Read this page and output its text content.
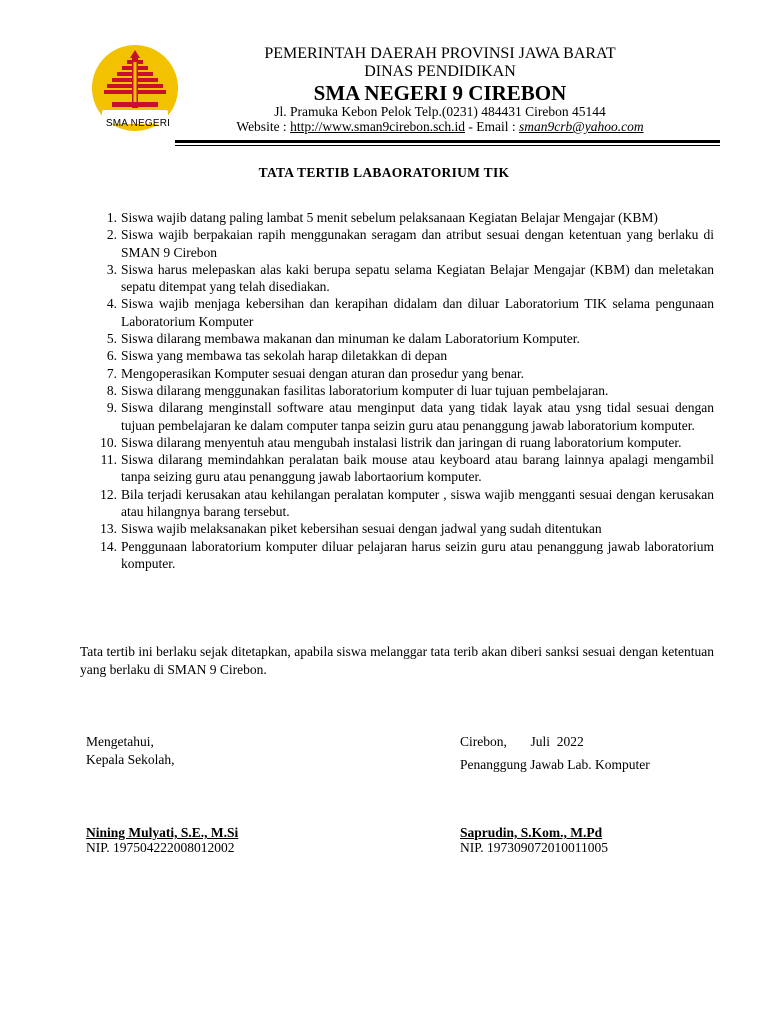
SMA NEGERI
PEMERINTAH DAERAH PROVINSI JAWA BARAT
DINAS PENDIDIKAN
SMA NEGERI 9 CIREBON
Jl. Pramuka Kebon Pelok Telp.(0231) 484431 Cirebon 45144
Website : http://www.sman9cirebon.sch.id - Email : sman9crb@yahoo.com
TATA TERTIB LABAORATORIUM TIK
1. Siswa wajib datang paling lambat 5 menit sebelum pelaksanaan Kegiatan Belajar Mengajar (KBM)
2. Siswa wajib berpakaian rapih menggunakan seragam dan atribut sesuai dengan ketentuan yang berlaku di SMAN 9 Cirebon
3. Siswa harus melepaskan alas kaki berupa sepatu selama Kegiatan Belajar Mengajar (KBM) dan meletakan sepatu ditempat yang telah disediakan.
4. Siswa wajib menjaga kebersihan dan kerapihan didalam dan diluar Laboratorium TIK selama pengunaan Laboratorium Komputer
5. Siswa dilarang membawa makanan dan minuman ke dalam Laboratorium Komputer.
6. Siswa yang membawa tas sekolah harap diletakkan di depan
7. Mengoperasikan Komputer sesuai dengan aturan dan prosedur yang benar.
8. Siswa dilarang menggunakan fasilitas laboratorium komputer di luar tujuan pembelajaran.
9. Siswa dilarang menginstall software atau menginput data yang tidak layak atau ysng tidal sesuai dengan tujuan pembelajaran ke dalam computer tanpa seizin guru atau penanggung jawab laboratorium komputer.
10. Siswa dilarang menyentuh atau mengubah instalasi listrik dan jaringan di ruang laboratorium komputer.
11. Siswa dilarang memindahkan peralatan baik mouse atau keyboard atau barang lainnya apalagi mengambil tanpa seizing guru atau penanggung jawab labortaorium komputer.
12. Bila terjadi kerusakan atau kehilangan peralatan komputer , siswa wajib mengganti sesuai dengan kerusakan atau hilangnya barang tersebut.
13. Siswa wajib melaksanakan piket kebersihan sesuai dengan jadwal yang sudah ditentukan
14. Penggunaan laboratorium komputer diluar pelajaran harus seizin guru atau penanggung jawab laboratorium komputer.
Tata tertib ini berlaku sejak ditetapkan, apabila siswa melanggar tata terib akan diberi sanksi sesuai dengan ketentuan yang berlaku di SMAN 9 Cirebon.
Mengetahui,
Kepala Sekolah,
Nining Mulyati, S.E., M.Si
NIP. 197504222008012002
Cirebon,       Juli  2022
Penanggung Jawab Lab. Komputer
Saprudin, S.Kom., M.Pd
NIP. 197309072010011005
